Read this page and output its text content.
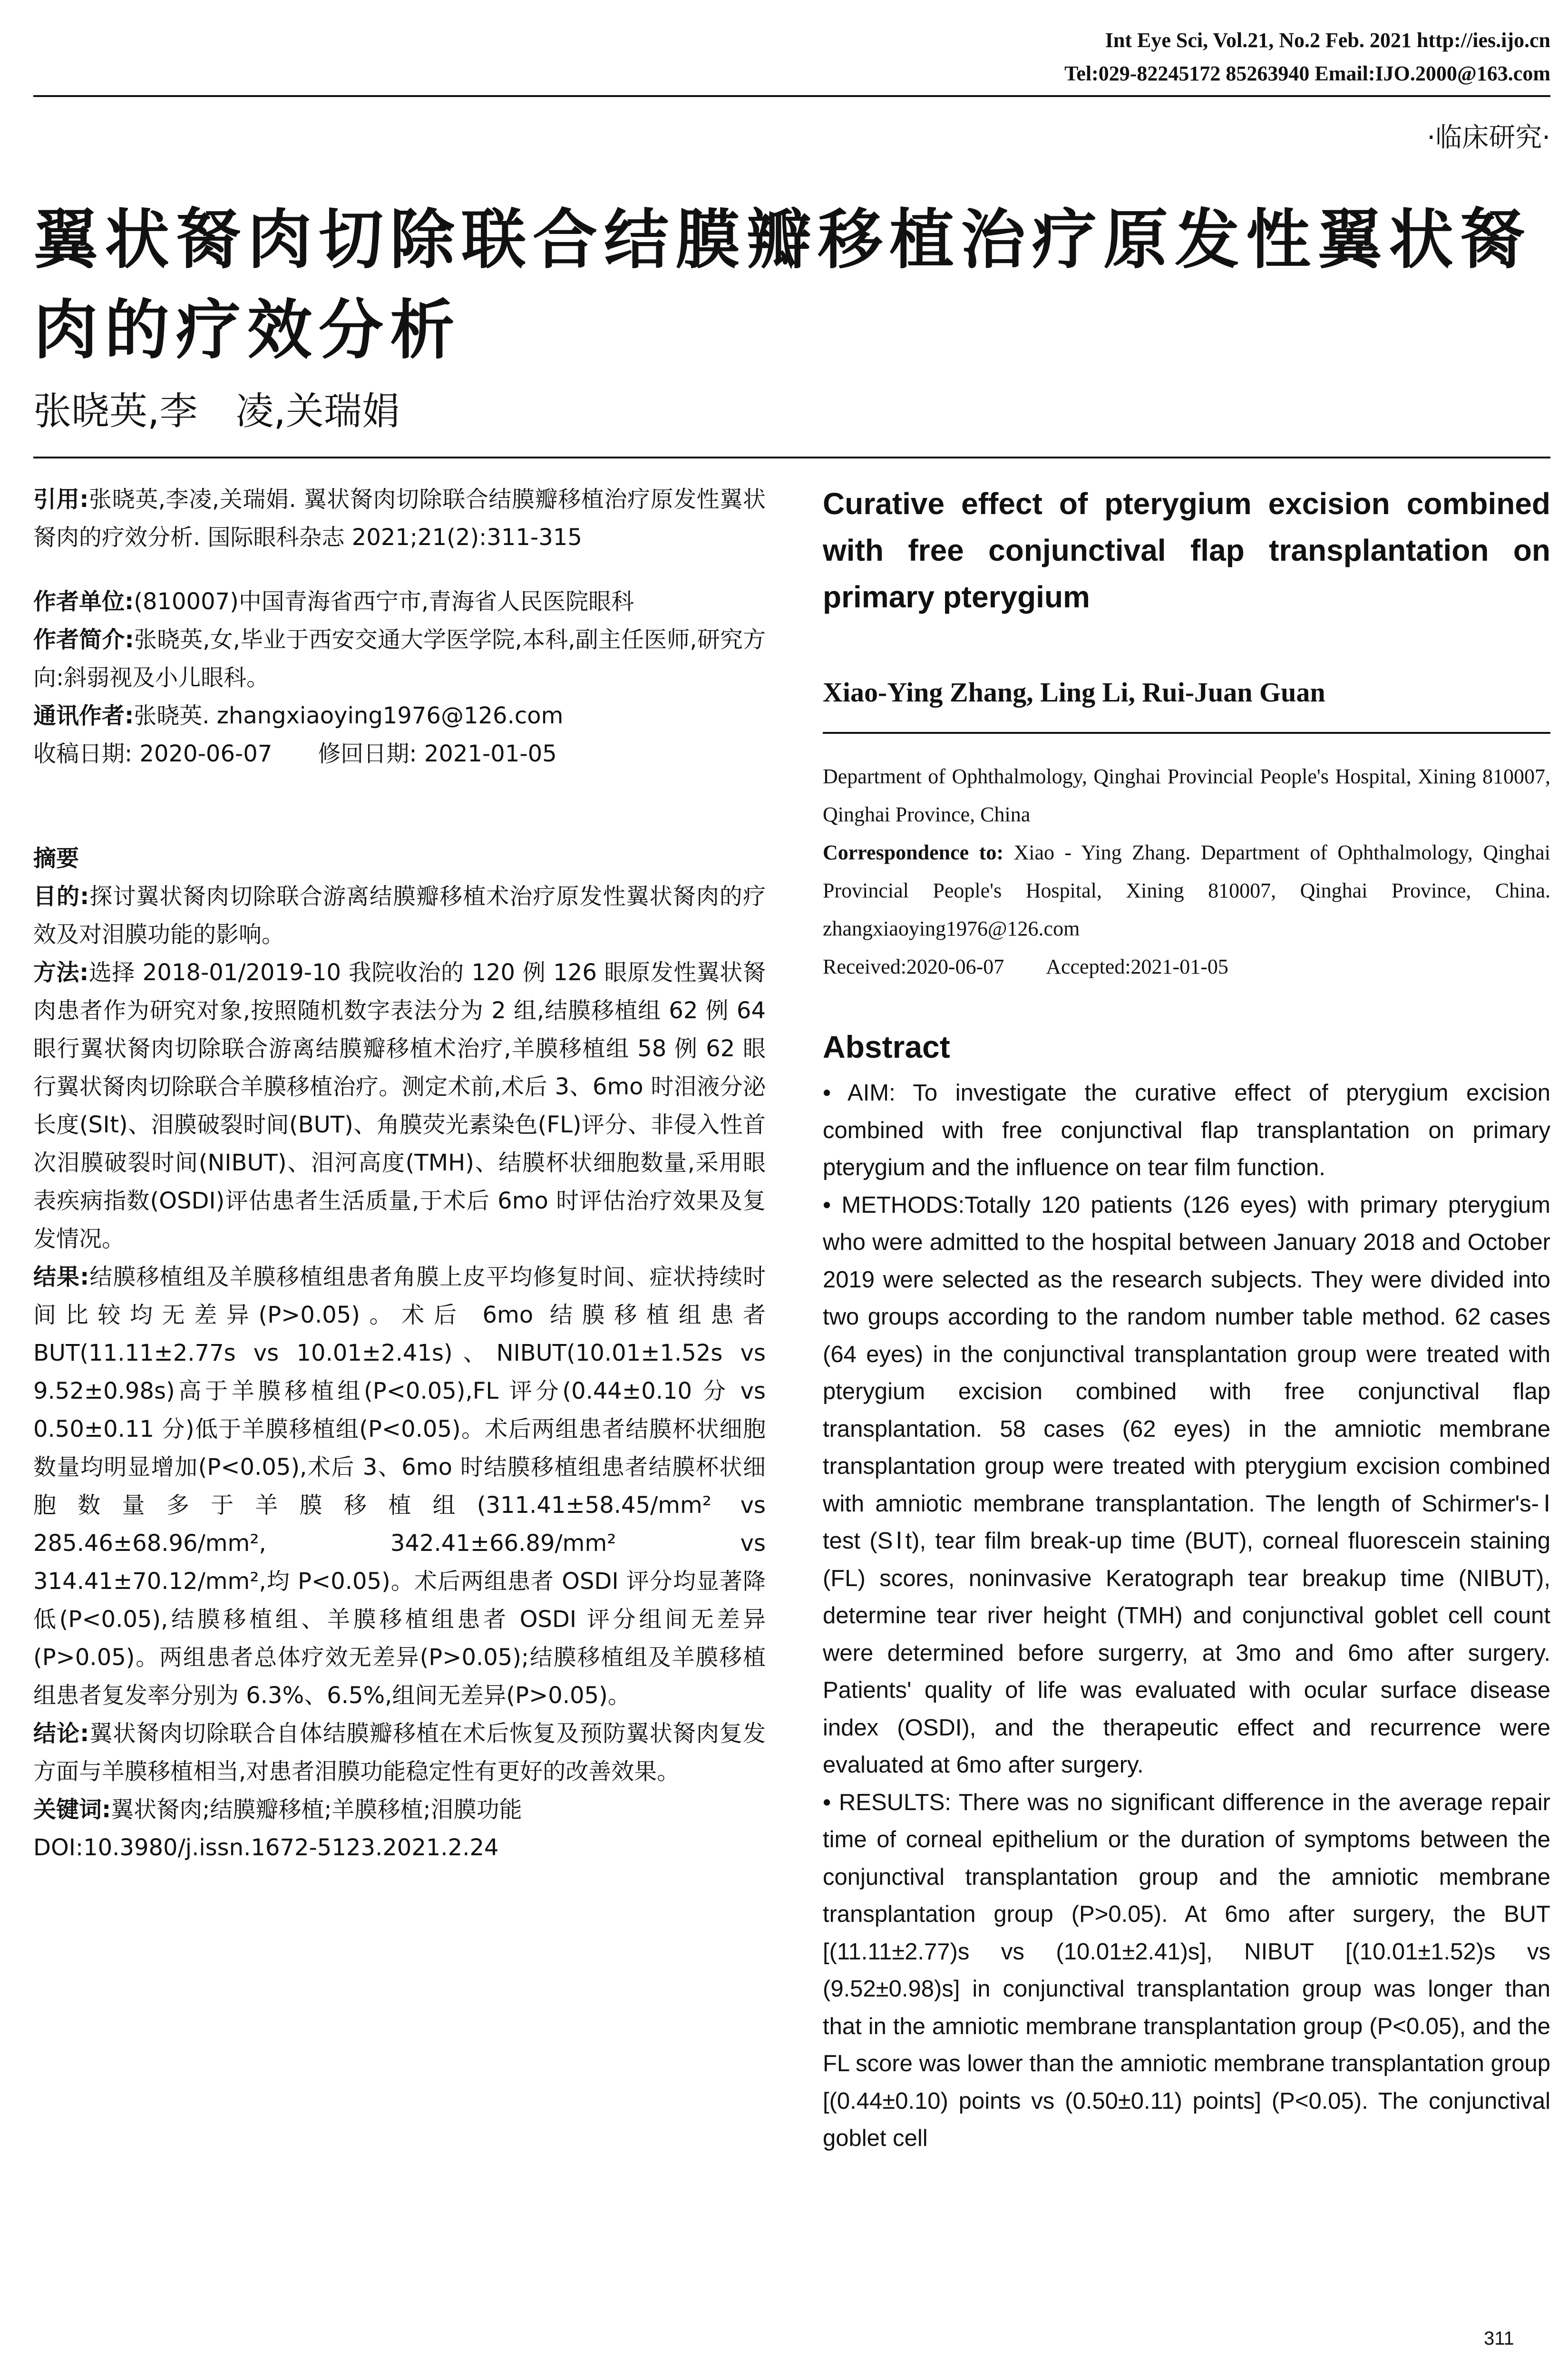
Int Eye Sci, Vol.21, No.2 Feb. 2021 http://ies.ijo.cn
Tel:029-82245172 85263940 Email:IJO.2000@163.com
·临床研究·
翼状胬肉切除联合结膜瓣移植治疗原发性翼状胬肉的疗效分析
张晓英,李　凌,关瑞娟

引用:张晓英,李凌,关瑞娟. 翼状胬肉切除联合结膜瓣移植治疗原发性翼状胬肉的疗效分析. 国际眼科杂志 2021;21(2):311-315

作者单位:(810007)中国青海省西宁市,青海省人民医院眼科

作者简介:张晓英,女,毕业于西安交通大学医学院,本科,副主任医师,研究方向:斜弱视及小儿眼科。

通讯作者:张晓英. zhangxiaoying1976@126.com

收稿日期: 2020-06-07　　修回日期: 2021-01-05

摘要

目的:探讨翼状胬肉切除联合游离结膜瓣移植术治疗原发性翼状胬肉的疗效及对泪膜功能的影响。

方法:选择 2018-01/2019-10 我院收治的 120 例 126 眼原发性翼状胬肉患者作为研究对象,按照随机数字表法分为 2 组,结膜移植组 62 例 64 眼行翼状胬肉切除联合游离结膜瓣移植术治疗,羊膜移植组 58 例 62 眼行翼状胬肉切除联合羊膜移植治疗。测定术前,术后 3、6mo 时泪液分泌长度(SⅠt)、泪膜破裂时间(BUT)、角膜荧光素染色(FL)评分、非侵入性首次泪膜破裂时间(NIBUT)、泪河高度(TMH)、结膜杯状细胞数量,采用眼表疾病指数(OSDI)评估患者生活质量,于术后 6mo 时评估治疗效果及复发情况。

结果:结膜移植组及羊膜移植组患者角膜上皮平均修复时间、症状持续时间比较均无差异(P>0.05)。术后 6mo 结膜移植组患者 BUT(11.11±2.77s vs 10.01±2.41s)、NIBUT(10.01±1.52s vs 9.52±0.98s)高于羊膜移植组(P<0.05),FL 评分(0.44±0.10 分 vs 0.50±0.11 分)低于羊膜移植组(P<0.05)。术后两组患者结膜杯状细胞数量均明显增加(P<0.05),术后 3、6mo 时结膜移植组患者结膜杯状细胞数量多于羊膜移植组(311.41±58.45/mm² vs 285.46±68.96/mm², 342.41±66.89/mm² vs 314.41±70.12/mm²,均 P<0.05)。术后两组患者 OSDI 评分均显著降低(P<0.05),结膜移植组、羊膜移植组患者 OSDI 评分组间无差异(P>0.05)。两组患者总体疗效无差异(P>0.05);结膜移植组及羊膜移植组患者复发率分别为 6.3%、6.5%,组间无差异(P>0.05)。

结论:翼状胬肉切除联合自体结膜瓣移植在术后恢复及预防翼状胬肉复发方面与羊膜移植相当,对患者泪膜功能稳定性有更好的改善效果。

关键词:翼状胬肉;结膜瓣移植;羊膜移植;泪膜功能

DOI:10.3980/j.issn.1672-5123.2021.2.24

Curative effect of pterygium excision combined with free conjunctival flap transplantation on primary pterygium

Xiao-Ying Zhang, Ling Li, Rui-Juan Guan

Department of Ophthalmology, Qinghai Provincial People's Hospital, Xining 810007, Qinghai Province, China

Correspondence to: Xiao - Ying Zhang. Department of Ophthalmology, Qinghai Provincial People's Hospital, Xining 810007, Qinghai Province, China. zhangxiaoying1976@126.com

Received:2020-06-07　　Accepted:2021-01-05

Abstract

• AIM: To investigate the curative effect of pterygium excision combined with free conjunctival flap transplantation on primary pterygium and the influence on tear film function.

• METHODS:Totally 120 patients (126 eyes) with primary pterygium who were admitted to the hospital between January 2018 and October 2019 were selected as the research subjects. They were divided into two groups according to the random number table method. 62 cases (64 eyes) in the conjunctival transplantation group were treated with pterygium excision combined with free conjunctival flap transplantation. 58 cases (62 eyes) in the amniotic membrane transplantation group were treated with pterygium excision combined with amniotic membrane transplantation. The length of Schirmer's-Ⅰ test (SⅠt), tear film break-up time (BUT), corneal fluorescein staining (FL) scores, noninvasive Keratograph tear breakup time (NIBUT), determine tear river height (TMH) and conjunctival goblet cell count were determined before surgerry, at 3mo and 6mo after surgery. Patients' quality of life was evaluated with ocular surface disease index (OSDI), and the therapeutic effect and recurrence were evaluated at 6mo after surgery.

• RESULTS: There was no significant difference in the average repair time of corneal epithelium or the duration of symptoms between the conjunctival transplantation group and the amniotic membrane transplantation group (P>0.05). At 6mo after surgery, the BUT [(11.11±2.77)s vs (10.01±2.41)s], NIBUT [(10.01±1.52)s vs (9.52±0.98)s] in conjunctival transplantation group was longer than that in the amniotic membrane transplantation group (P<0.05), and the FL score was lower than the amniotic membrane transplantation group [(0.44±0.10) points vs (0.50±0.11) points] (P<0.05). The conjunctival goblet cell

311
